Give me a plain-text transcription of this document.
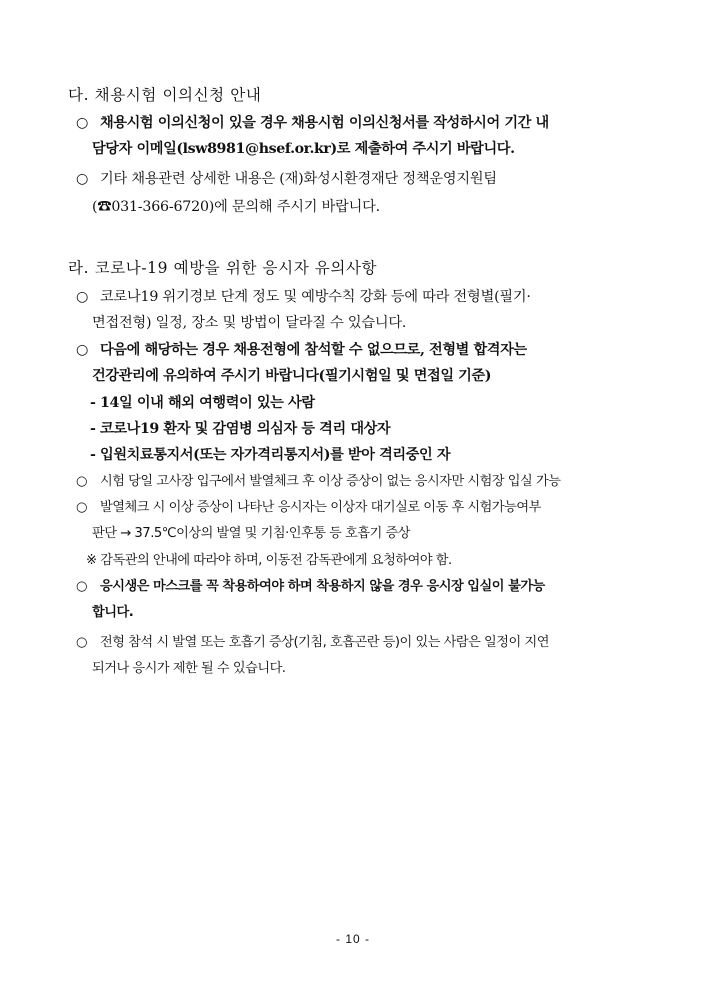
다. 채용시험 이의신청 안내
○ 채용시험 이의신청이 있을 경우 채용시험 이의신청서를 작성하시어 기간 내
담당자 이메일(lsw8981@hsef.or.kr)로 제출하여 주시기 바랍니다.
○ 기타 채용관련 상세한 내용은 (재)화성시환경재단 정책운영지원팀
(☎031-366-6720)에 문의해 주시기 바랍니다.
라. 코로나-19 예방을 위한 응시자 유의사항
○ 코로나19 위기경보 단계 정도 및 예방수칙 강화 등에 따라 전형별(필기·
면접전형) 일정, 장소 및 방법이 달라질 수 있습니다.
○ 다음에 해당하는 경우 채용전형에 참석할 수 없으므로, 전형별 합격자는
건강관리에 유의하여 주시기 바랍니다(필기시험일 및 면접일 기준)
- 14일 이내 해외 여행력이 있는 사람
- 코로나19 환자 및 감염병 의심자 등 격리 대상자
- 입원치료통지서(또는 자가격리통지서)를 받아 격리중인 자
○ 시험 당일 고사장 입구에서 발열체크 후 이상 증상이 없는 응시자만 시험장 입실 가능
○ 발열체크 시 이상 증상이 나타난 응시자는 이상자 대기실로 이동 후 시험가능여부
판단 → 37.5℃이상의 발열 및 기침·인후통 등 호흡기 증상
※ 감독관의 안내에 따라야 하며, 이동전 감독관에게 요청하여야 함.
○ 응시생은 마스크를 꼭 착용하여야 하며 착용하지 않을 경우 응시장 입실이 불가능
합니다.
○ 전형 참석 시 발열 또는 호흡기 증상(기침, 호흡곤란 등)이 있는 사람은 일정이 지연
되거나 응시가 제한 될 수 있습니다.
- 10 -
